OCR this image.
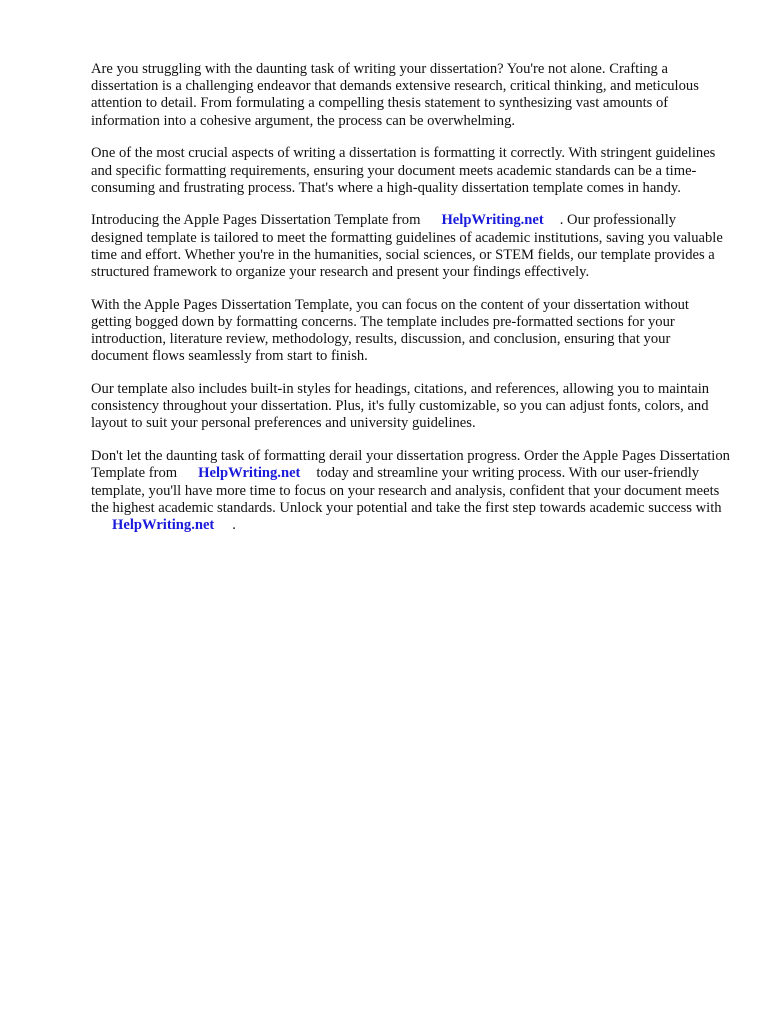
Are you struggling with the daunting task of writing your dissertation? You're not alone. Crafting a dissertation is a challenging endeavor that demands extensive research, critical thinking, and meticulous attention to detail. From formulating a compelling thesis statement to synthesizing vast amounts of information into a cohesive argument, the process can be overwhelming.

One of the most crucial aspects of writing a dissertation is formatting it correctly. With stringent guidelines and specific formatting requirements, ensuring your document meets academic standards can be a time-consuming and frustrating process. That's where a high-quality dissertation template comes in handy.

Introducing the Apple Pages Dissertation Template from HelpWriting.net . Our professionally designed template is tailored to meet the formatting guidelines of academic institutions, saving you valuable time and effort. Whether you're in the humanities, social sciences, or STEM fields, our template provides a structured framework to organize your research and present your findings effectively.

With the Apple Pages Dissertation Template, you can focus on the content of your dissertation without getting bogged down by formatting concerns. The template includes pre-formatted sections for your introduction, literature review, methodology, results, discussion, and conclusion, ensuring that your document flows seamlessly from start to finish.

Our template also includes built-in styles for headings, citations, and references, allowing you to maintain consistency throughout your dissertation. Plus, it's fully customizable, so you can adjust fonts, colors, and layout to suit your personal preferences and university guidelines.

Don't let the daunting task of formatting derail your dissertation progress. Order the Apple Pages Dissertation Template from HelpWriting.net today and streamline your writing process. With our user-friendly template, you'll have more time to focus on your research and analysis, confident that your document meets the highest academic standards. Unlock your potential and take the first step towards academic success withHelpWriting.net .
